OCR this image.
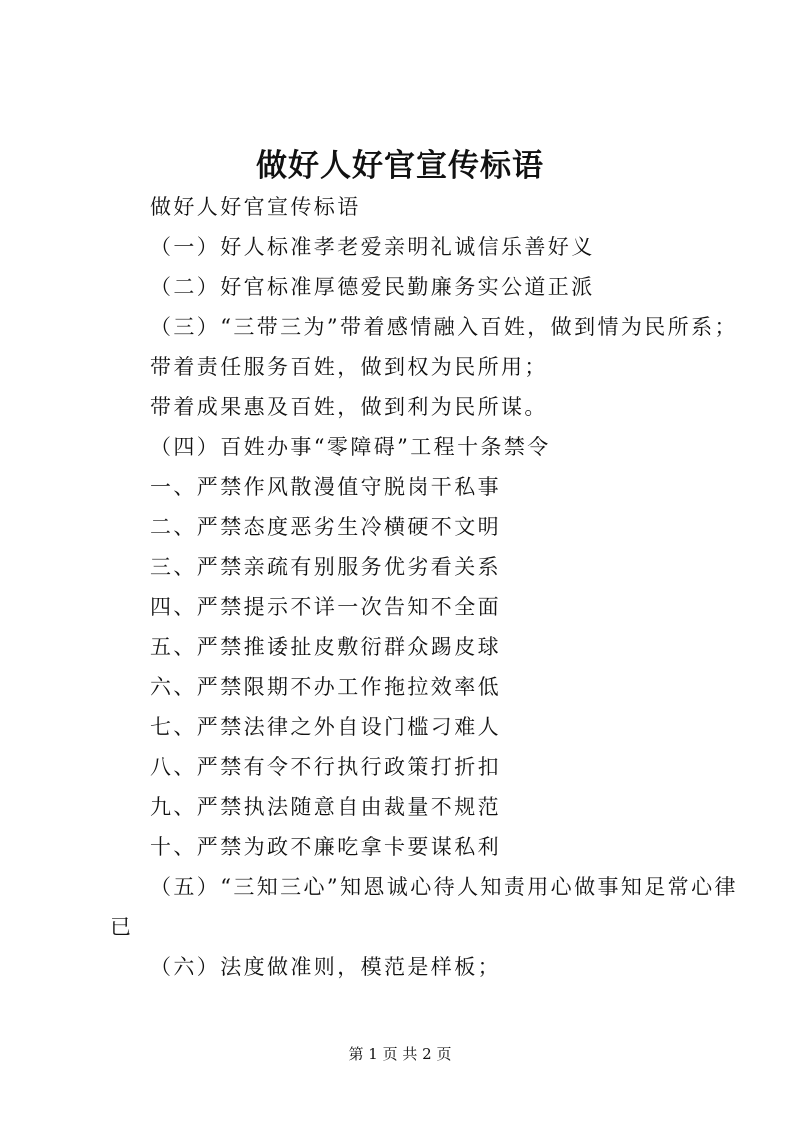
做好人好官宣传标语
做好人好官宣传标语
（一）好人标准孝老爱亲明礼诚信乐善好义
（二）好官标准厚德爱民勤廉务实公道正派
（三）“三带三为”带着感情融入百姓，做到情为民所系；
带着责任服务百姓，做到权为民所用；
带着成果惠及百姓，做到利为民所谋。
（四）百姓办事“零障碍”工程十条禁令
一、严禁作风散漫值守脱岗干私事
二、严禁态度恶劣生冷横硬不文明
三、严禁亲疏有别服务优劣看关系
四、严禁提示不详一次告知不全面
五、严禁推诿扯皮敷衍群众踢皮球
六、严禁限期不办工作拖拉效率低
七、严禁法律之外自设门槛刁难人
八、严禁有令不行执行政策打折扣
九、严禁执法随意自由裁量不规范
十、严禁为政不廉吃拿卡要谋私利
（五）“三知三心”知恩诚心待人知责用心做事知足常心律
已
（六）法度做准则，模范是样板；
第 1 页 共 2 页
